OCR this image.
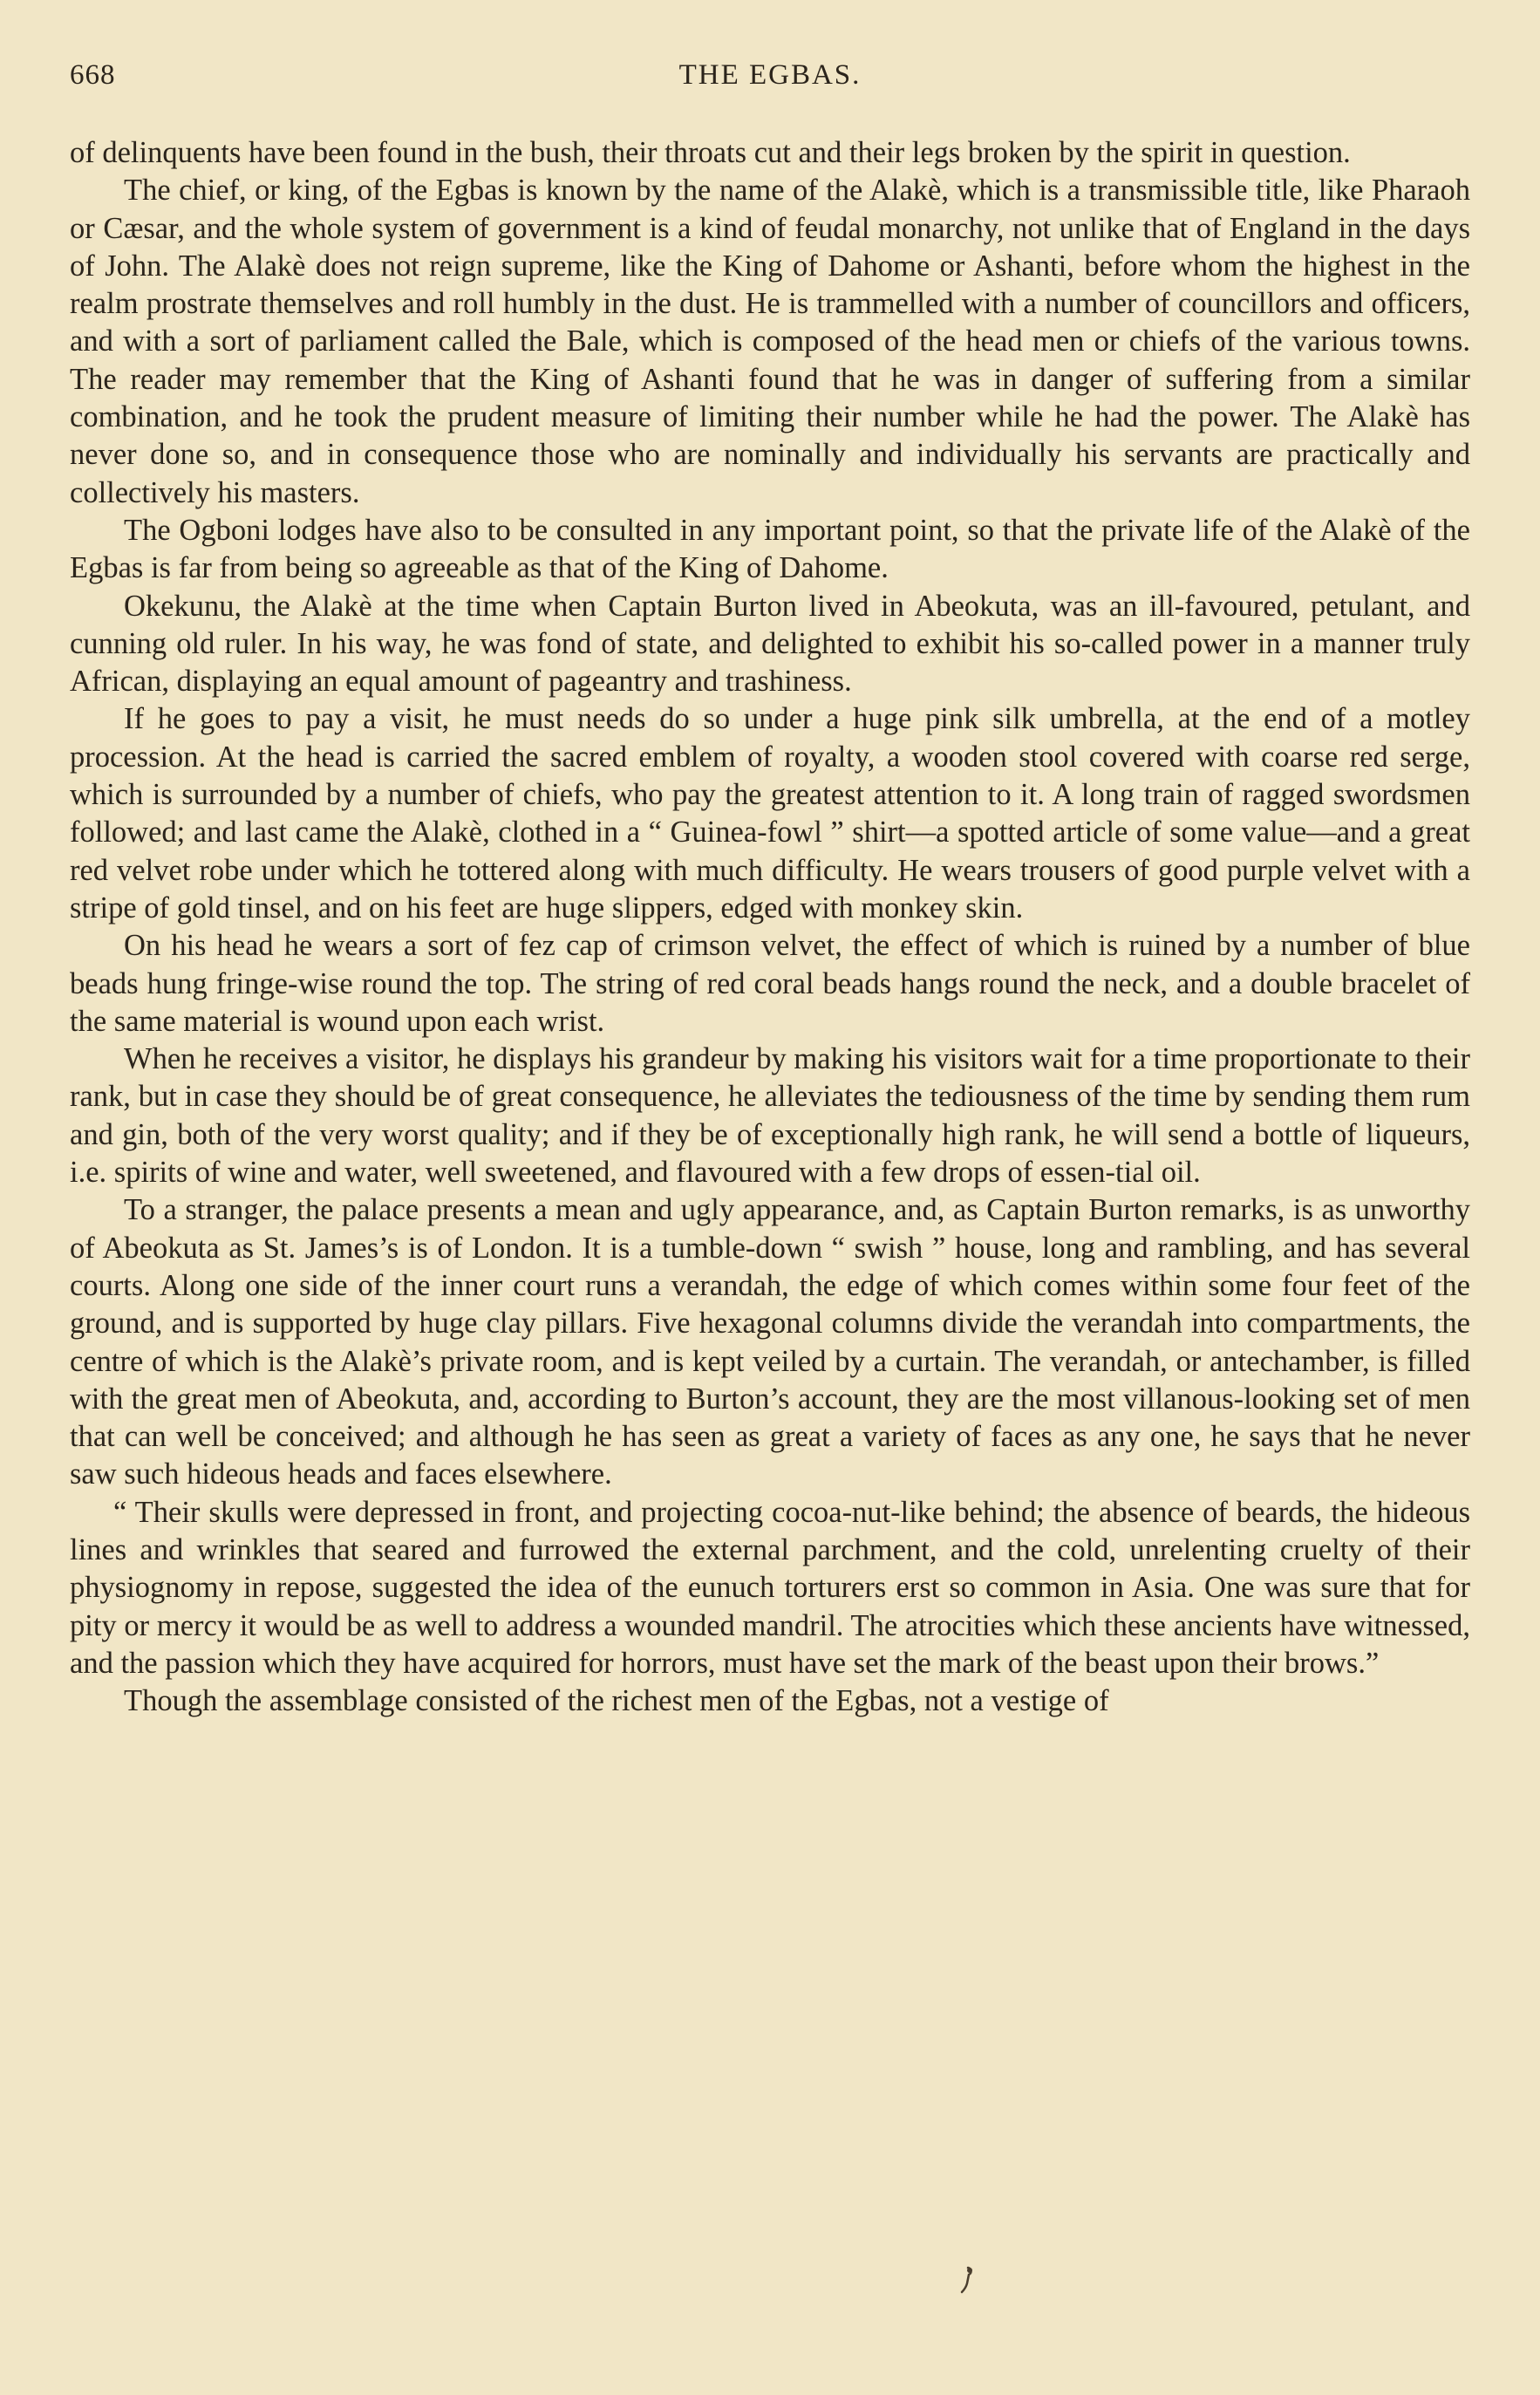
668	THE EGBAS.

of delinquents have been found in the bush, their throats cut and their legs broken by the spirit in question.

The chief, or king, of the Egbas is known by the name of the Alakè, which is a transmissible title, like Pharaoh or Cæsar, and the whole system of government is a kind of feudal monarchy, not unlike that of England in the days of John. The Alakè does not reign supreme, like the King of Dahome or Ashanti, before whom the highest in the realm prostrate themselves and roll humbly in the dust. He is trammelled with a number of councillors and officers, and with a sort of parliament called the Bale, which is composed of the head men or chiefs of the various towns. The reader may remember that the King of Ashanti found that he was in danger of suffering from a similar combination, and he took the prudent measure of limiting their number while he had the power. The Alakè has never done so, and in consequence those who are nominally and individually his servants are practically and collectively his masters.

The Ogboni lodges have also to be consulted in any important point, so that the private life of the Alakè of the Egbas is far from being so agreeable as that of the King of Dahome.

Okekunu, the Alakè at the time when Captain Burton lived in Abeokuta, was an ill-favoured, petulant, and cunning old ruler. In his way, he was fond of state, and delighted to exhibit his so-called power in a manner truly African, displaying an equal amount of pageantry and trashiness.

If he goes to pay a visit, he must needs do so under a huge pink silk umbrella, at the end of a motley procession. At the head is carried the sacred emblem of royalty, a wooden stool covered with coarse red serge, which is surrounded by a number of chiefs, who pay the greatest attention to it. A long train of ragged swordsmen followed; and last came the Alakè, clothed in a “ Guinea-fowl ” shirt—a spotted article of some value—and a great red velvet robe under which he tottered along with much difficulty. He wears trousers of good purple velvet with a stripe of gold tinsel, and on his feet are huge slippers, edged with monkey skin.

On his head he wears a sort of fez cap of crimson velvet, the effect of which is ruined by a number of blue beads hung fringe-wise round the top. The string of red coral beads hangs round the neck, and a double bracelet of the same material is wound upon each wrist.

When he receives a visitor, he displays his grandeur by making his visitors wait for a time proportionate to their rank, but in case they should be of great consequence, he alleviates the tediousness of the time by sending them rum and gin, both of the very worst quality; and if they be of exceptionally high rank, he will send a bottle of liqueurs, i.e. spirits of wine and water, well sweetened, and flavoured with a few drops of essen-tial oil.

To a stranger, the palace presents a mean and ugly appearance, and, as Captain Burton remarks, is as unworthy of Abeokuta as St. James’s is of London. It is a tumble-down “ swish ” house, long and rambling, and has several courts. Along one side of the inner court runs a verandah, the edge of which comes within some four feet of the ground, and is supported by huge clay pillars. Five hexagonal columns divide the verandah into compartments, the centre of which is the Alakè’s private room, and is kept veiled by a curtain. The verandah, or antechamber, is filled with the great men of Abeokuta, and, according to Burton’s account, they are the most villanous-looking set of men that can well be conceived; and although he has seen as great a variety of faces as any one, he says that he never saw such hideous heads and faces elsewhere.

“ Their skulls were depressed in front, and projecting cocoa-nut-like behind; the absence of beards, the hideous lines and wrinkles that seared and furrowed the external parchment, and the cold, unrelenting cruelty of their physiognomy in repose, suggested the idea of the eunuch torturers erst so common in Asia. One was sure that for pity or mercy it would be as well to address a wounded mandril. The atrocities which these ancients have witnessed, and the passion which they have acquired for horrors, must have set the mark of the beast upon their brows.”

Though the assemblage consisted of the richest men of the Egbas, not a vestige of
